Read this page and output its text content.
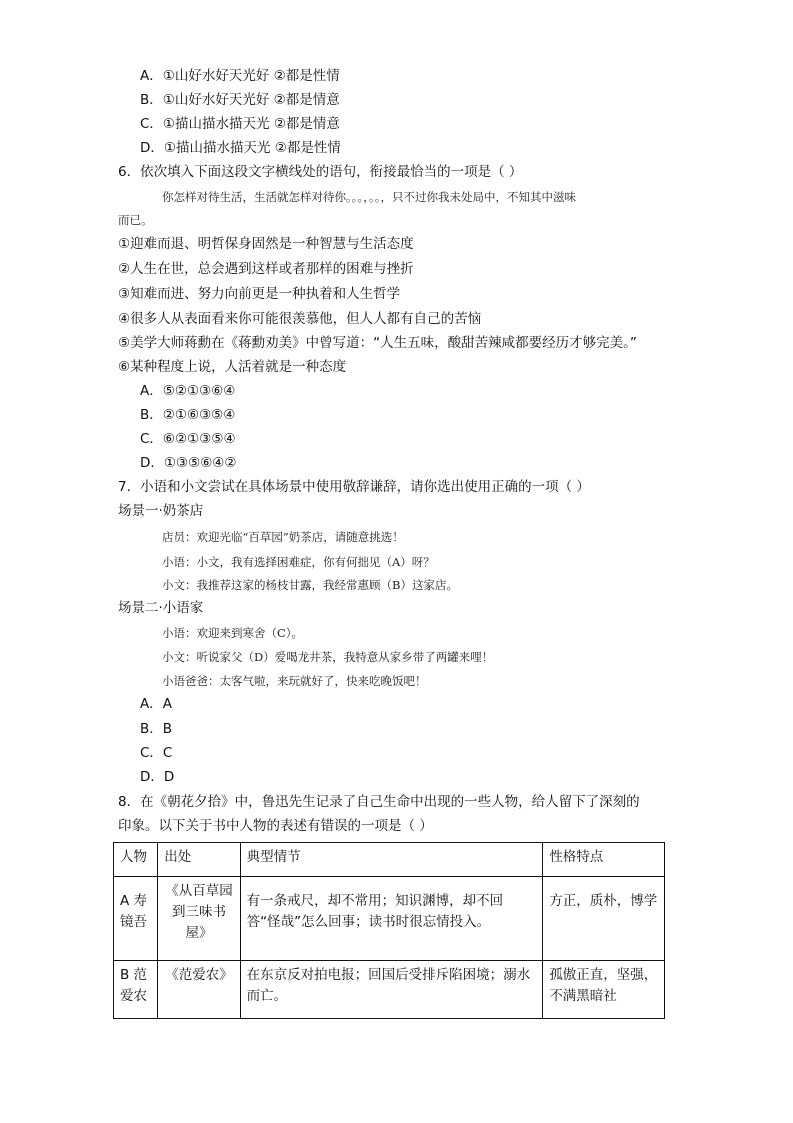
A．①山好水好天光好 ②都是性情
B．①山好水好天光好 ②都是情意
C．①描山描水描天光 ②都是情意
D．①描山描水描天光 ②都是性情
6．依次填入下面这段文字横线处的语句，衔接最恰当的一项是（ ）
你怎样对待生活，生活就怎样对待你。。。，。。，只不过你我未处局中，不知其中滋味
而已。
①迎难而退、明哲保身固然是一种智慧与生活态度
②人生在世，总会遇到这样或者那样的困难与挫折
③知难而进、努力向前更是一种执着和人生哲学
④很多人从表面看来你可能很羡慕他，但人人都有自己的苦恼
⑤美学大师蒋勳在《蒋勳劝美》中曾写道：“人生五味，酸甜苦辣咸都要经历才够完美。”
⑥某种程度上说，人活着就是一种态度
A．⑤②①③⑥④
B．②①⑥③⑤④
C．⑥②①③⑤④
D．①③⑤⑥④②
7．小语和小文尝试在具体场景中使用敬辞谦辞，请你选出使用正确的一项（ ）
场景一·奶茶店
店员：欢迎光临“百草园”奶茶店，请随意挑选！
小语：小文，我有选择困难症，你有何拙见（A）呀？
小文：我推荐这家的杨枝甘露，我经常惠顾（B）这家店。
场景二·小语家
小语：欢迎来到寒舍（C）。
小文：听说家父（D）爱喝龙井茶，我特意从家乡带了两罐来哩！
小语爸爸：太客气啦，来玩就好了，快来吃晚饭吧！
A．A
B．B
C．C
D．D
8．在《朝花夕拾》中，鲁迅先生记录了自己生命中出现的一些人物，给人留下了深刻的
印象。以下关于书中人物的表述有错误的一项是（ ）
人物	出处	典型情节	性格特点
A 寿镜吾	《从百草园到三味书屋》	有一条戒尺，却不常用；知识渊博，却不回答“怪哉”怎么回事；读书时很忘情投入。	方正，质朴，博学
B 范爱农	《范爱农》	在东京反对拍电报；回国后受排斥陷困境；溺水而亡。	孤傲正直，坚强，不满黑暗社
